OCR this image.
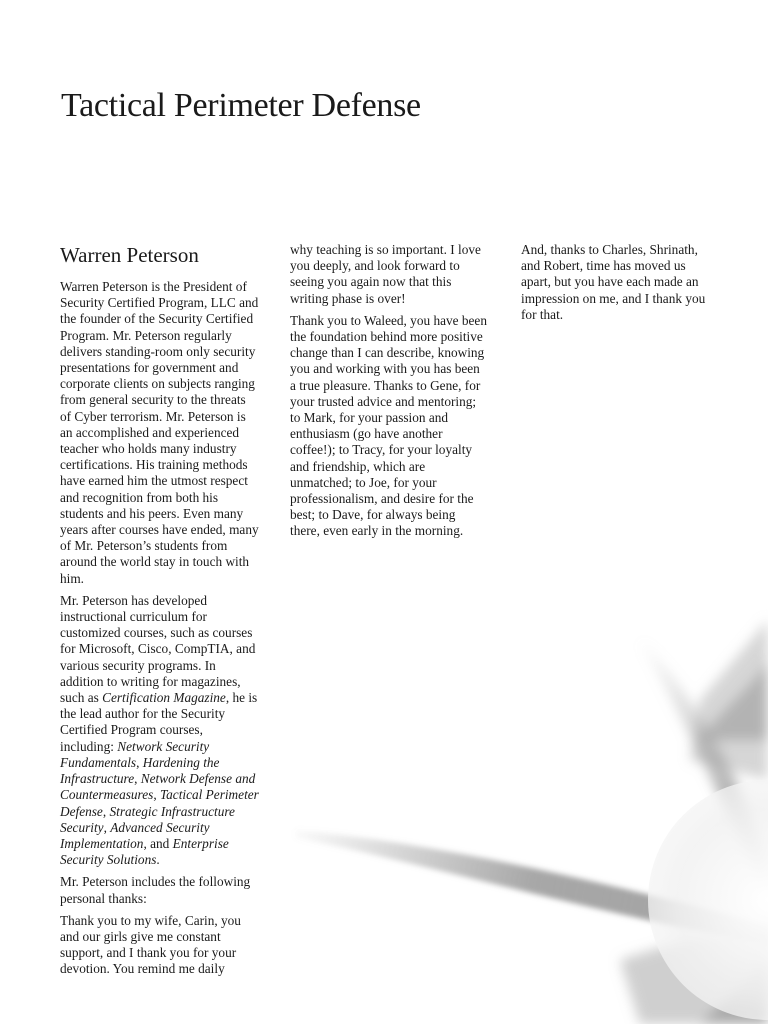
Tactical Perimeter Defense
Warren Peterson

Warren Peterson is the President of Security Certified Program, LLC and the founder of the Security Certified Program. Mr. Peterson regularly delivers standing-room only security presentations for government and corporate clients on subjects ranging from general security to the threats of Cyber terrorism. Mr. Peterson is an accomplished and experienced teacher who holds many industry certifications. His training methods have earned him the utmost respect and recognition from both his students and his peers. Even many years after courses have ended, many of Mr. Peterson’s students from around the world stay in touch with him.

Mr. Peterson has developed instructional curriculum for customized courses, such as courses for Microsoft, Cisco, CompTIA, and various security programs. In addition to writing for magazines, such as Certification Magazine, he is the lead author for the Security Certified Program courses, including: Network Security Fundamentals, Hardening the Infrastructure, Network Defense and Countermeasures, Tactical Perimeter Defense, Strategic Infrastructure Security, Advanced Security Implementation, and Enterprise Security Solutions.

Mr. Peterson includes the following personal thanks:

Thank you to my wife, Carin, you and our girls give me constant support, and I thank you for your devotion. You remind me daily

why teaching is so important. I love you deeply, and look forward to seeing you again now that this writing phase is over!

Thank you to Waleed, you have been the foundation behind more positive change than I can describe, knowing you and working with you has been a true pleasure. Thanks to Gene, for your trusted advice and mentoring; to Mark, for your passion and enthusiasm (go have another coffee!); to Tracy, for your loyalty and friendship, which are unmatched; to Joe, for your professionalism, and desire for the best; to Dave, for always being there, even early in the morning.

And, thanks to Charles, Shrinath, and Robert, time has moved us apart, but you have each made an impression on me, and I thank you for that.
